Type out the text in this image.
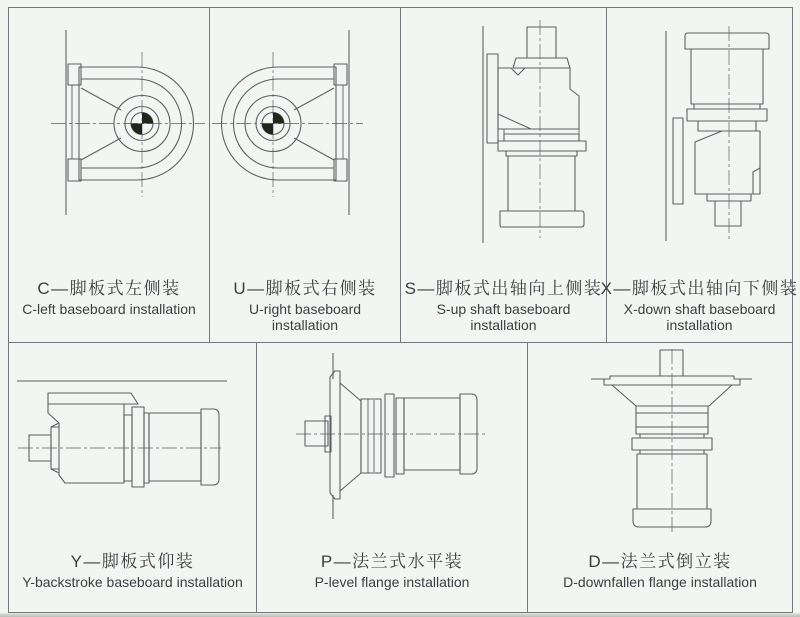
C—脚板式左侧装
C-left baseboard installation
U—脚板式右侧装
U-right baseboard installation
S—脚板式出轴向上侧装
S-up shaft baseboard installation
X—脚板式出轴向下侧装
X-down shaft baseboard installation
Y—脚板式仰装
Y-backstroke baseboard installation
P—法兰式水平装
P-level flange installation
D—法兰式倒立装
D-downfallen flange installation
